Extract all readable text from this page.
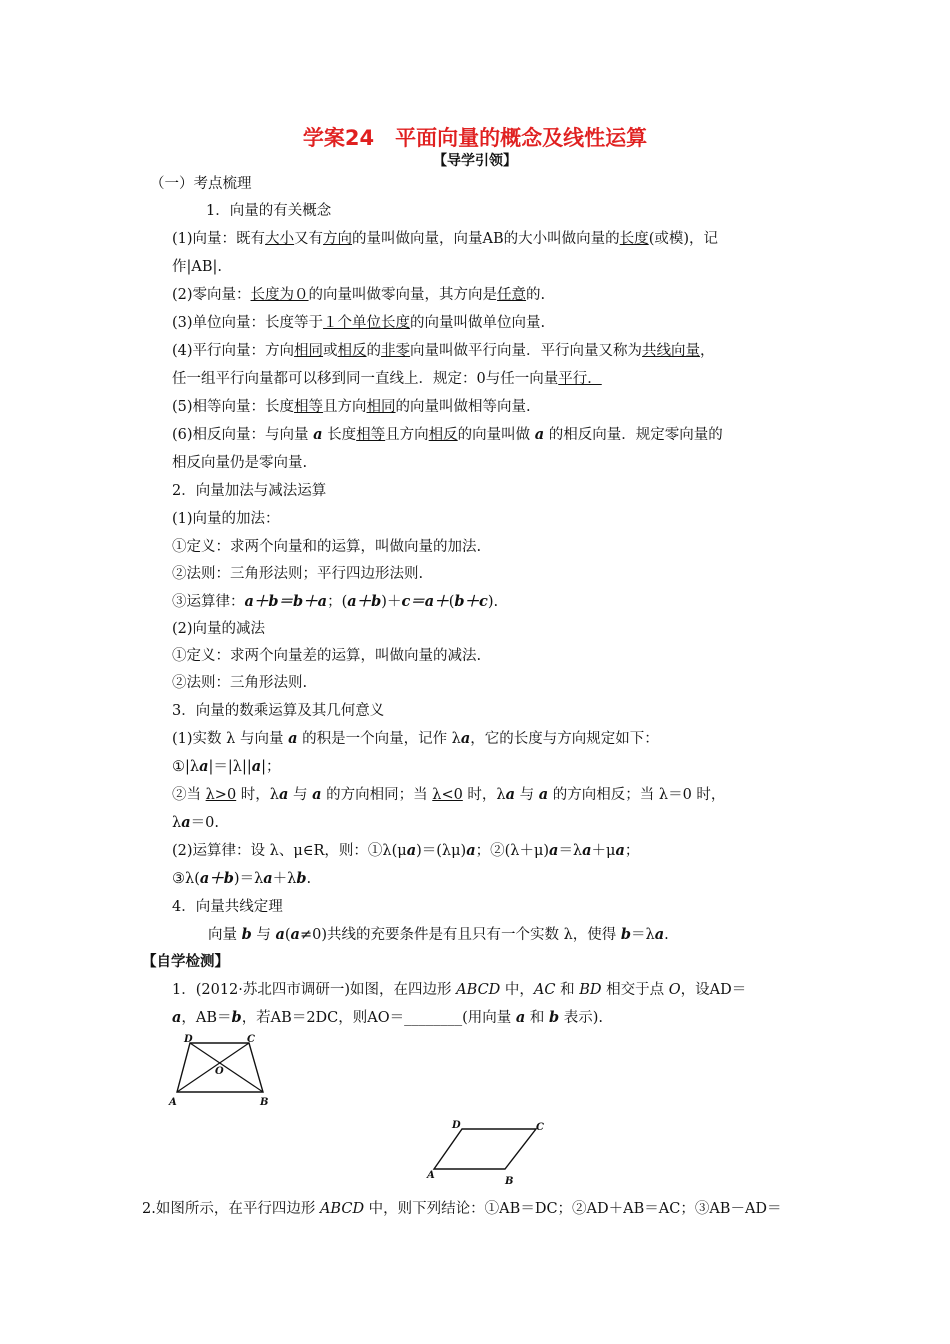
学案24　平面向量的概念及线性运算
【导学引领】
（一）考点梳理
1．向量的有关概念
(1)向量：既有大小又有方向的量叫做向量，向量AB的大小叫做向量的长度(或模)，记
作|AB|.
(2)零向量：长度为０的向量叫做零向量，其方向是任意的.
(3)单位向量：长度等于１个单位长度的向量叫做单位向量.
(4)平行向量：方向相同或相反的非零向量叫做平行向量．平行向量又称为共线向量，
任一组平行向量都可以移到同一直线上．规定：0与任一向量平行．
(5)相等向量：长度相等且方向相同的向量叫做相等向量.
(6)相反向量：与向量 a 长度相等且方向相反的向量叫做 a 的相反向量．规定零向量的
相反向量仍是零向量.
2．向量加法与减法运算
(1)向量的加法：
①定义：求两个向量和的运算，叫做向量的加法.
②法则：三角形法则；平行四边形法则.
③运算律：a＋b＝b＋a；(a＋b)＋c＝a＋(b＋c).
(2)向量的减法
①定义：求两个向量差的运算，叫做向量的减法.
②法则：三角形法则.
3．向量的数乘运算及其几何意义
(1)实数 λ 与向量 a 的积是一个向量，记作 λa，它的长度与方向规定如下：
①|λa|＝|λ||a|；
②当 λ>0 时，λa 与 a 的方向相同；当 λ<0 时，λa 与 a 的方向相反；当 λ＝0 时，
λa＝0.
(2)运算律：设 λ、μ∈R，则：①λ(μa)＝(λμ)a；②(λ＋μ)a＝λa＋μa；
③λ(a＋b)＝λa＋λb.
4．向量共线定理
向量 b 与 a(a≠0)共线的充要条件是有且只有一个实数 λ，使得 b＝λa.
【自学检测】
1．(2012·苏北四市调研一)如图，在四边形 ABCD 中，AC 和 BD 相交于点 O，设AD＝
a，AB＝b，若AB＝2DC，则AO＝________(用向量 a 和 b 表示).
D	C
O
A	B
D	C
A
B
2.如图所示，在平行四边形 ABCD 中，则下列结论：①AB＝DC；②AD＋AB＝AC；③AB－AD＝
